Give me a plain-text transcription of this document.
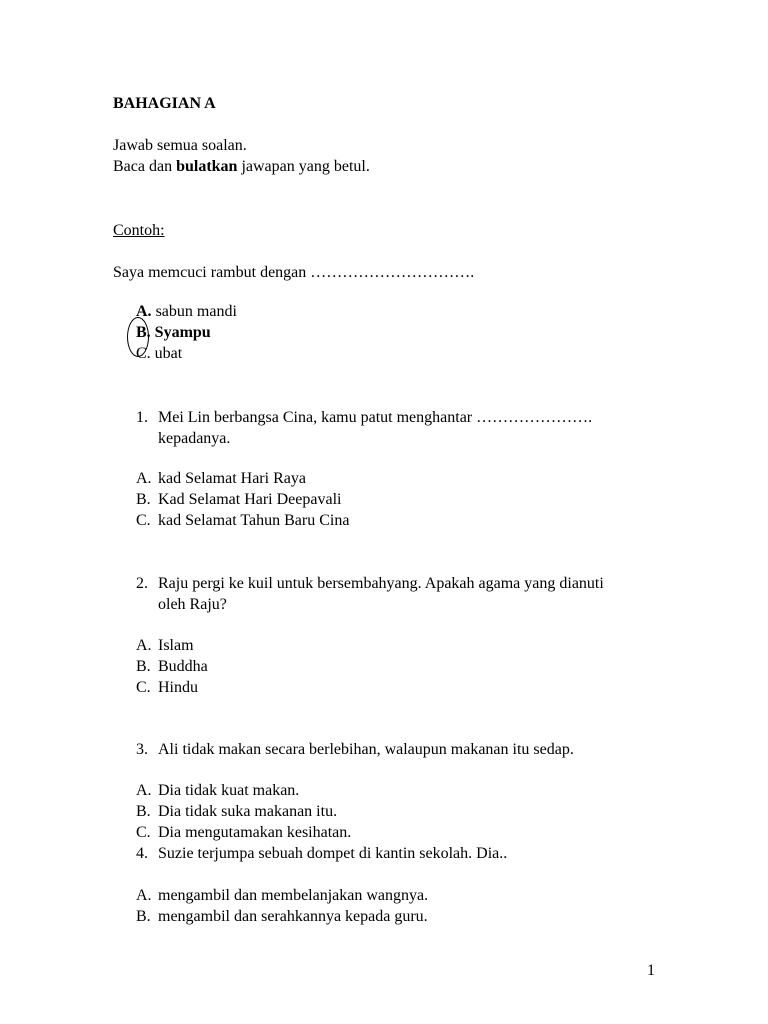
BAHAGIAN A
Jawab semua soalan.
Baca dan bulatkan jawapan yang betul.
Contoh:
Saya memcuci rambut dengan ………………………….
A. sabun mandi
B. Syampu
C. ubat
1. Mei Lin berbangsa Cina, kamu patut menghantar ………………….
kepadanya.
A. kad Selamat Hari Raya
B. Kad Selamat Hari Deepavali
C. kad Selamat Tahun Baru Cina
2. Raju pergi ke kuil untuk bersembahyang. Apakah agama yang dianuti
oleh Raju?
A. Islam
B. Buddha
C. Hindu
3. Ali tidak makan secara berlebihan, walaupun makanan itu sedap.
A. Dia tidak kuat makan.
B. Dia tidak suka makanan itu.
C. Dia mengutamakan kesihatan.
4. Suzie terjumpa sebuah dompet di kantin sekolah. Dia..
A. mengambil dan membelanjakan wangnya.
B. mengambil dan serahkannya kepada guru.
1
